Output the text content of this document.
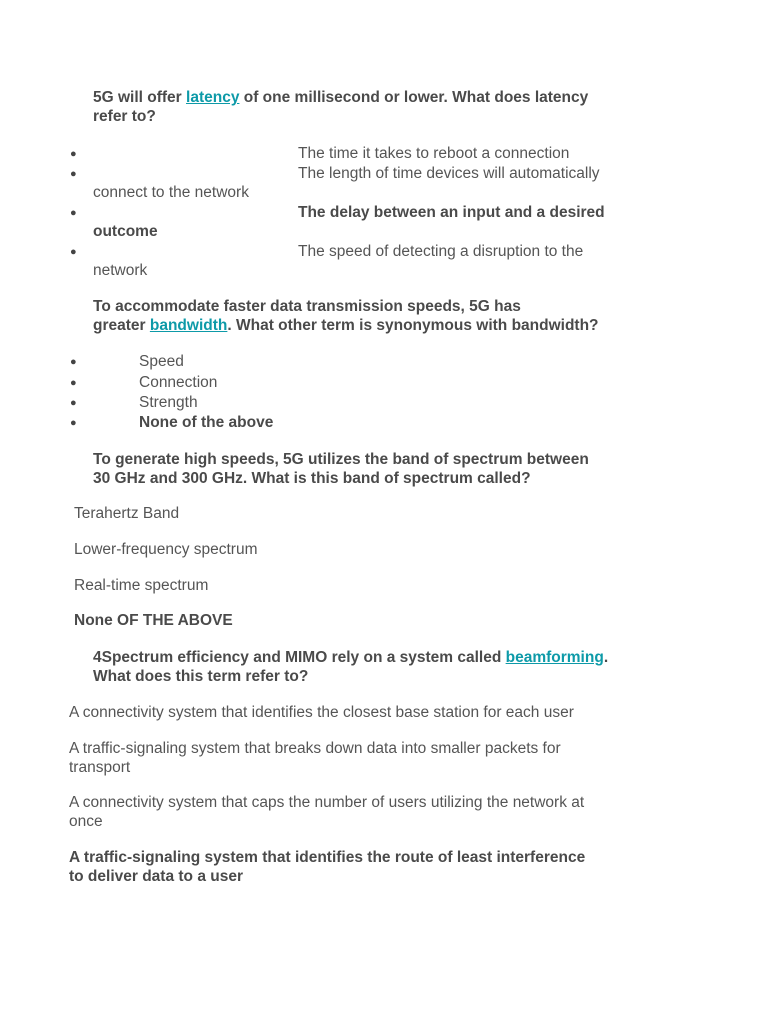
5G will offer latency of one millisecond or lower. What does latency
refer to?
●	The time it takes to reboot a connection
●	The length of time devices will automatically
connect to the network
●	The delay between an input and a desired
outcome
●	The speed of detecting a disruption to the
network
To accommodate faster data transmission speeds, 5G has
greater bandwidth. What other term is synonymous with bandwidth?
●	Speed
●	Connection
●	Strength
●	None of the above
To generate high speeds, 5G utilizes the band of spectrum between
30 GHz and 300 GHz. What is this band of spectrum called?
Terahertz Band
Lower-frequency spectrum
Real-time spectrum
None OF THE ABOVE
4Spectrum efficiency and MIMO rely on a system called beamforming.
What does this term refer to?
A connectivity system that identifies the closest base station for each user
A traffic-signaling system that breaks down data into smaller packets for
transport
A connectivity system that caps the number of users utilizing the network at
once
A traffic-signaling system that identifies the route of least interference
to deliver data to a user
